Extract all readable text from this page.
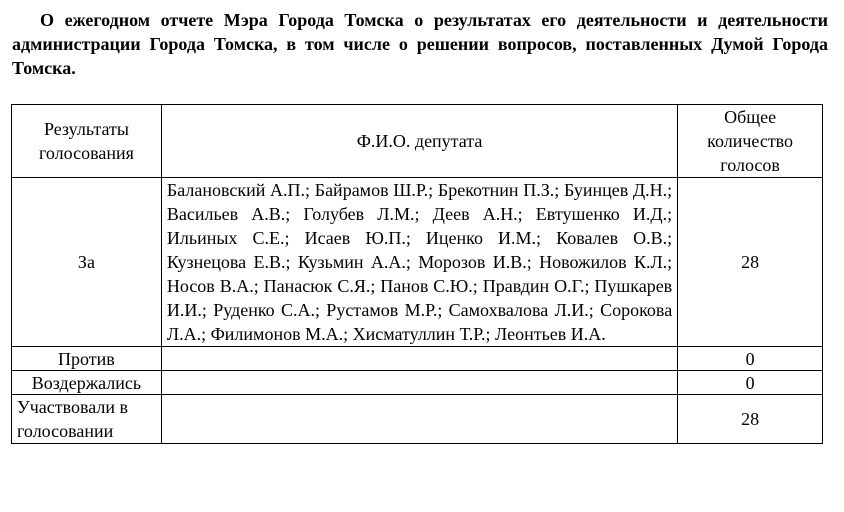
О ежегодном отчете Мэра Города Томска о результатах его деятельности и деятельности администрации Города Томска, в том числе о решении вопросов, поставленных Думой Города Томска.

Результаты голосования	Ф.И.О. депутата	Общее количество голосов
За	Балановский А.П.; Байрамов Ш.Р.; Брекотнин П.З.; Буинцев Д.Н.; Васильев А.В.; Голубев Л.М.; Деев А.Н.; Евтушенко И.Д.; Ильиных С.Е.; Исаев Ю.П.; Иценко И.М.; Ковалев О.В.; Кузнецова Е.В.; Кузьмин А.А.; Морозов И.В.; Новожилов К.Л.; Носов В.А.; Панасюк С.Я.; Панов С.Ю.; Правдин О.Г.; Пушкарев И.И.; Руденко С.А.; Рустамов М.Р.; Самохвалова Л.И.; Сорокова Л.А.; Филимонов М.А.; Хисматуллин Т.Р.; Леонтьев И.А.	28
Против		0
Воздержались		0
Участвовали в голосовании		28
